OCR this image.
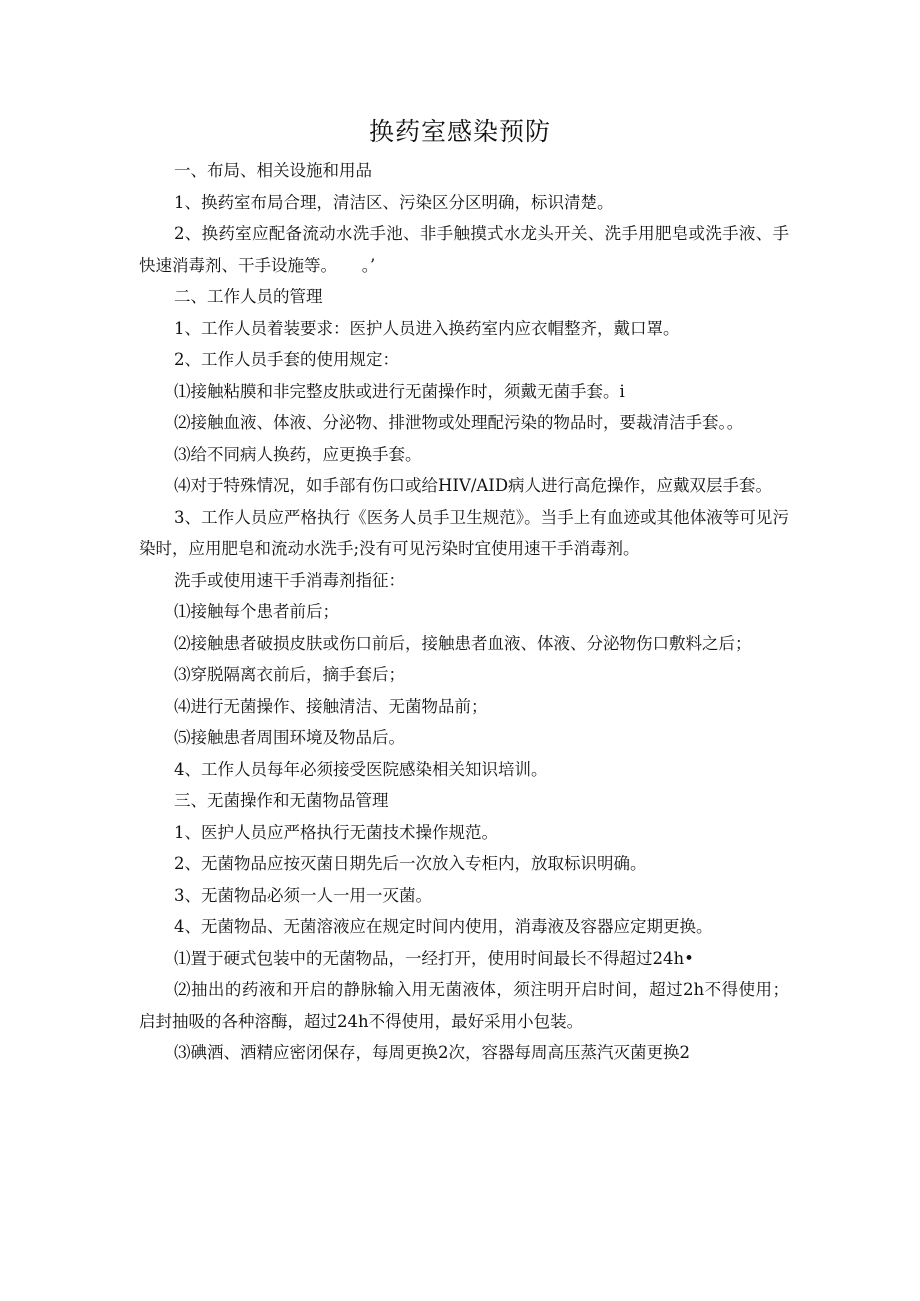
换药室感染预防

一、布局、相关设施和用品

1、换药室布局合理，清洁区、污染区分区明确，标识清楚。

2、换药室应配备流动水洗手池、非手触摸式水龙头开关、洗手用肥皂或洗手液、手快速消毒剂、干手设施等。　　。’

二、工作人员的管理

1、工作人员着装要求：医护人员进入换药室内应衣帽整齐，戴口罩。

2、工作人员手套的使用规定：

⑴接触粘膜和非完整皮肤或进行无菌操作时，须戴无菌手套。i

⑵接触血液、体液、分泌物、排泄物或处理配污染的物品时，要裁清洁手套。。

⑶给不同病人换药，应更换手套。

⑷对于特殊情况，如手部有伤口或给HIV/AID病人进行高危操作，应戴双层手套。

3、工作人员应严格执行《医务人员手卫生规范》。当手上有血迹或其他体液等可见污染时，应用肥皂和流动水洗手;没有可见污染时宜使用速干手消毒剂。

洗手或使用速干手消毒剂指征：

⑴接触每个患者前后；

⑵接触患者破损皮肤或伤口前后，接触患者血液、体液、分泌物伤口敷料之后；

⑶穿脱隔离衣前后，摘手套后；

⑷进行无菌操作、接触清洁、无菌物品前；

⑸接触患者周围环境及物品后。

4、工作人员每年必须接受医院感染相关知识培训。

三、无菌操作和无菌物品管理

1、医护人员应严格执行无菌技术操作规范。

2、无菌物品应按灭菌日期先后一次放入专柜内，放取标识明确。

3、无菌物品必须一人一用一灭菌。

4、无菌物品、无菌溶液应在规定时间内使用，消毒液及容器应定期更换。

⑴置于硬式包装中的无菌物品，一经打开，使用时间最长不得超过24h•

⑵抽出的药液和开启的静脉输入用无菌液体，须注明开启时间，超过2h不得使用；启封抽吸的各种溶酶，超过24h不得使用，最好采用小包装。

⑶碘酒、酒精应密闭保存，每周更换2次，容器每周高压蒸汽灭菌更换2
